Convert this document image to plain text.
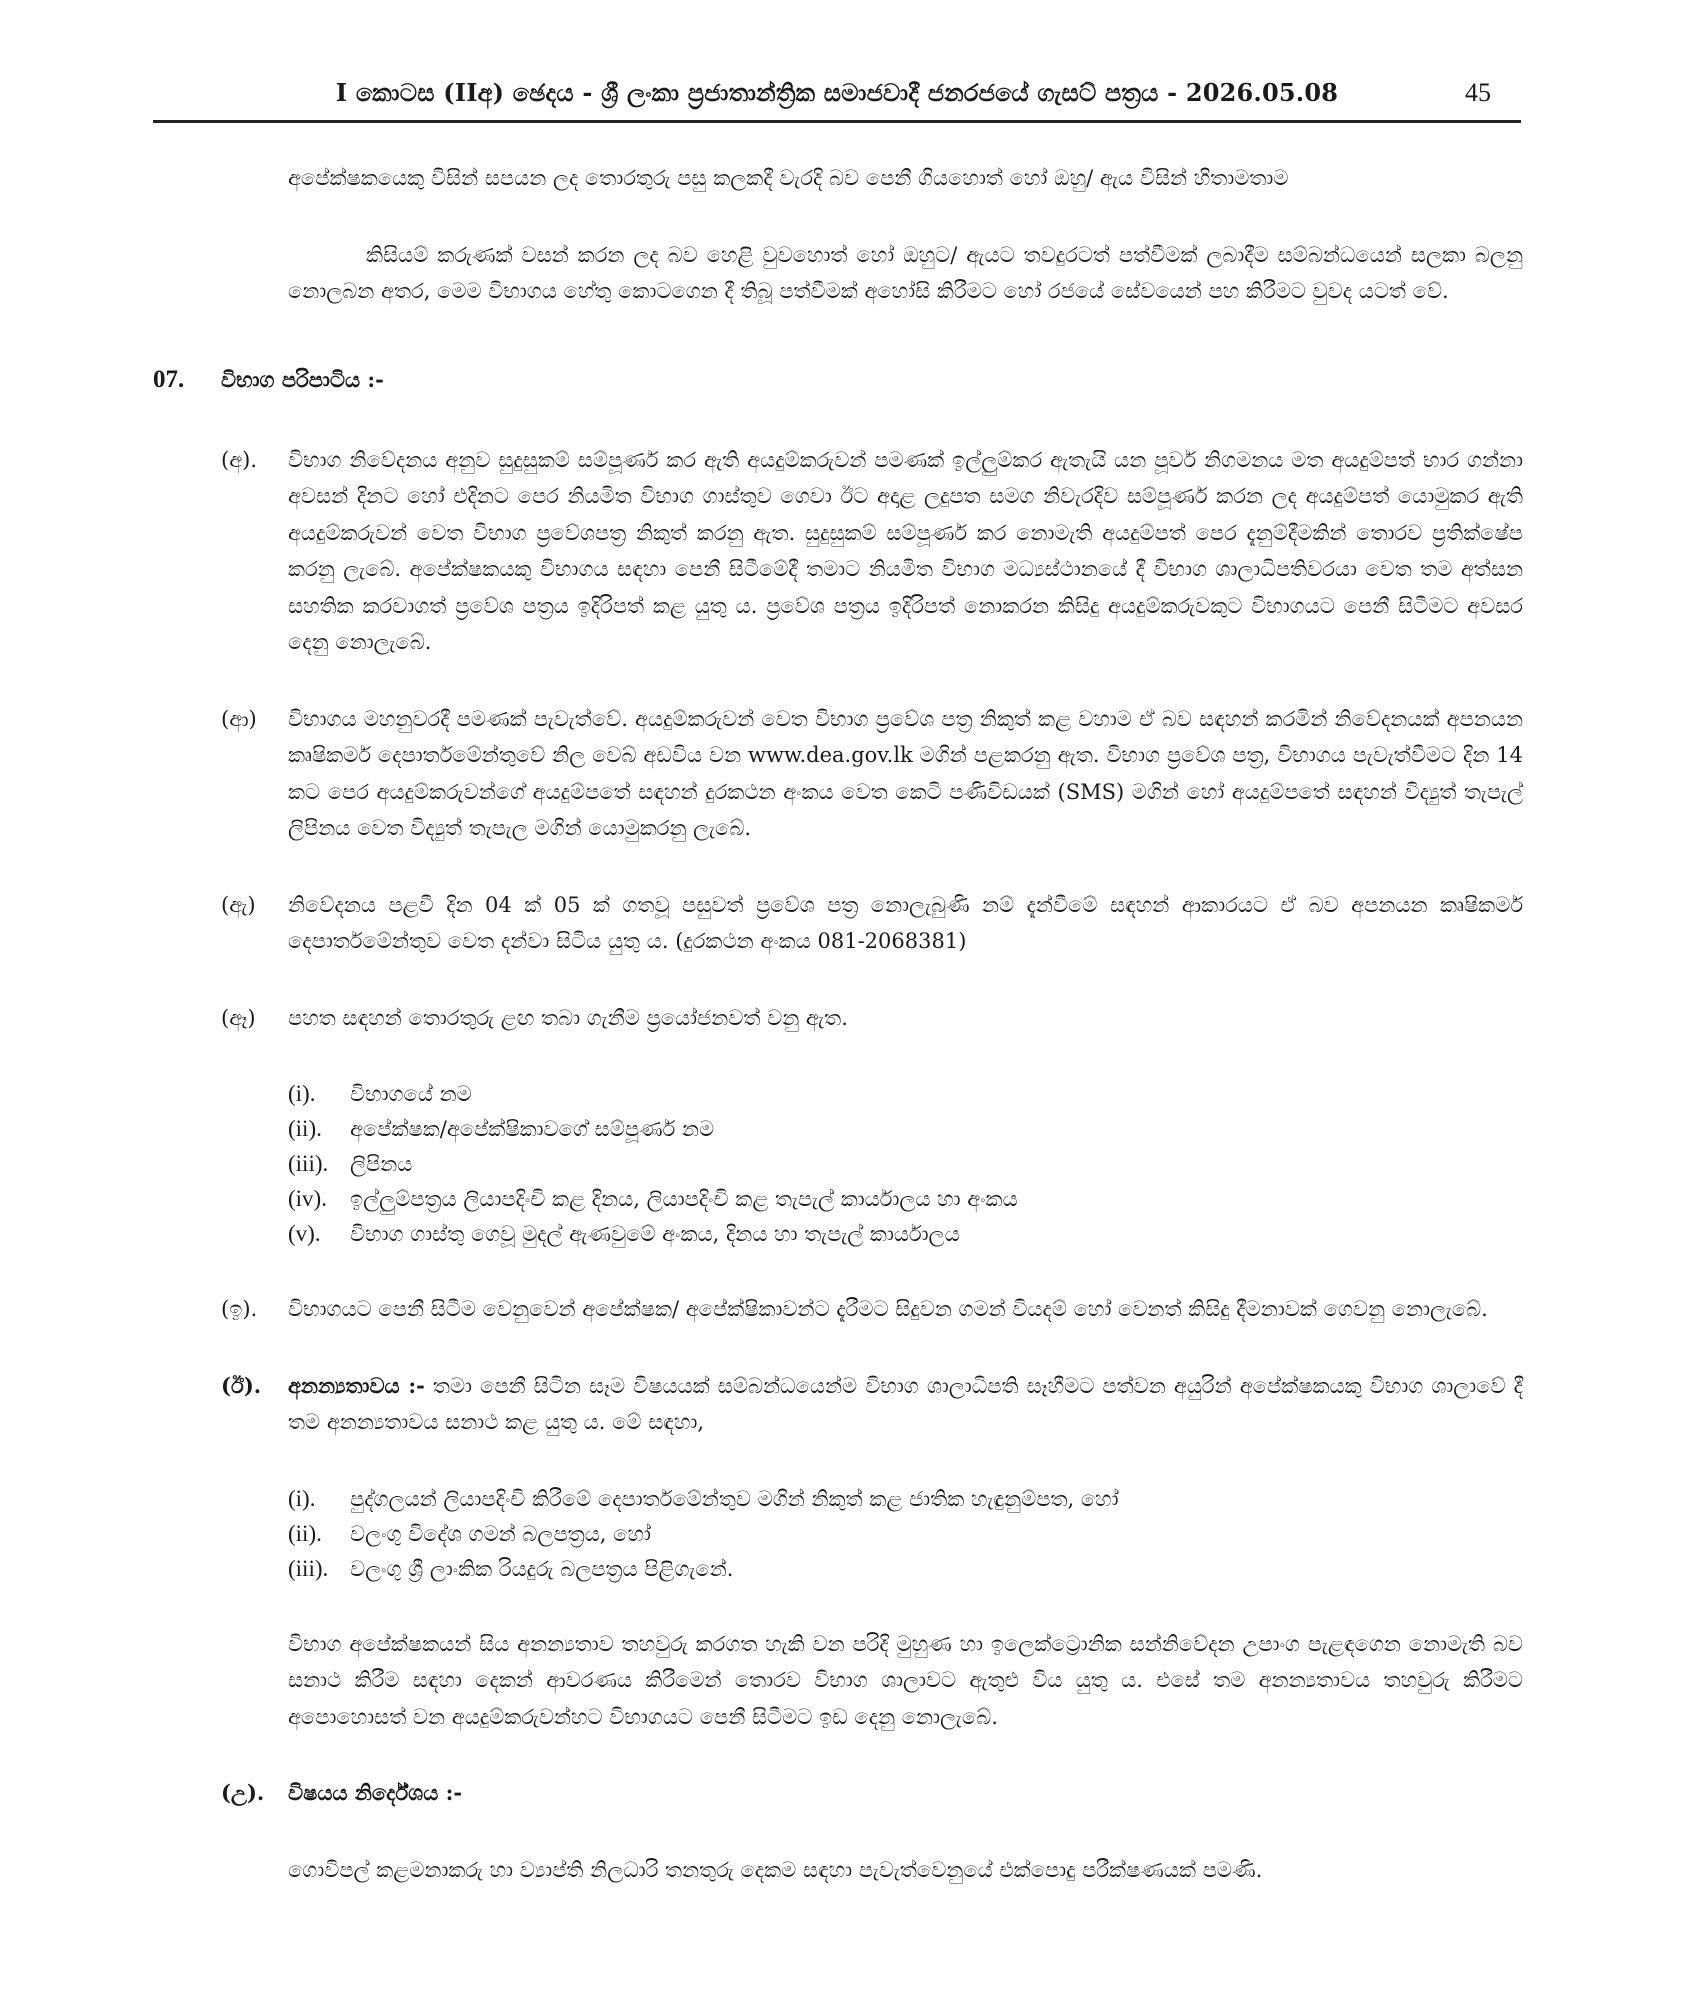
I කොටස (IIඅ) ඡෙදය - ශ්‍රී ලංකා ප්‍රජාතාන්ත්‍රික සමාජවාදී ජනරජයේ ගැසට් පත්‍රය - 2026.05.08	45

අපේක්ෂකයෙකු විසින් සපයන ලද තොරතුරු පසු කලකදී වැරදි බව පෙනී ගියහොත් හෝ ඔහු/ ඇය විසින් හිතාමතාම

කිසියම් කරුණක් වසන් කරන ලද බව හෙළි වුවහොත් හෝ ඔහුට/ ඇයට තවදුරටත් පත්වීමක් ලබාදීම සම්බන්ධයෙන් සලකා බලනු නොලබන අතර, මෙම විභාගය හේතු කොටගෙන දී තිබූ පත්වීමක් අහෝසි කිරීමට හෝ රජයේ සේවයෙන් පහ කිරීමට වුවද යටත් වේ.

07. විභාග පරිපාටිය :-
(අ). විභාග නිවේදනය අනුව සුදුසුකම් සම්පූර්ණ කර ඇති අයදුම්කරුවන් පමණක් ඉල්ලුම්කර ඇතැයි යන පූර්ව නිගමනය මත අයදුම්පත් භාර ගන්නා අවසන් දිනට හෝ එදිනට පෙර නියමිත විභාග ගාස්තුව ගෙවා ඊට අදාළ ලදුපත සමග නිවැරදිව සම්පූර්ණ කරන ලද අයදුම්පත් යොමුකර ඇති අයදුම්කරුවන් වෙත විභාග ප්‍රවේශපත්‍ර නිකුත් කරනු ඇත. සුදුසුකම් සම්පූර්ණ කර නොමැති අයදුම්පත් පෙර දැනුම්දීමකින් තොරව ප්‍රතික්ෂේප කරනු ලැබේ. අපේක්ෂකයකු විභාගය සඳහා පෙනී සිටීමේදී තමාට නියමිත විභාග මධ්‍යස්ථානයේ දී විභාග ශාලාධිපතිවරයා වෙත තම අත්සන සහතික කරවාගත් ප්‍රවේශ පත්‍රය ඉදිරිපත් කළ යුතු ය. ප්‍රවේශ පත්‍රය ඉදිරිපත් නොකරන කිසිදු අයදුම්කරුවකුට විභාගයට පෙනී සිටීමට අවසර දෙනු නොලැබේ.
(ආ) විභාගය මහනුවරදී පමණක් පැවැත්වේ. අයදුම්කරුවන් වෙත විභාග ප්‍රවේශ පත්‍ර නිකුත් කළ වහාම ඒ බව සඳහන් කරමින් නිවේදනයක් අපනයන කෘෂිකර්ම දෙපාර්තමේන්තුවේ නිල වෙබ් අඩවිය වන www.dea.gov.lk මගින් පළකරනු ඇත. විභාග ප්‍රවේශ පත්‍ර, විභාගය පැවැත්වීමට දින 14 කට පෙර අයදුම්කරුවන්ගේ අයදුම්පතේ සඳහන් දුරකථන අංකය වෙත කෙටි පණිවිඩයක් (SMS) මගින් හෝ අයදුම්පතේ සඳහන් විද්‍යුත් තැපැල් ලිපිනය වෙත විද්‍යුත් තැපැල මගින් යොමුකරනු ලැබේ.
(ඇ) නිවේදනය පළවී දින 04 ක් 05 ක් ගතවූ පසුවත් ප්‍රවේශ පත්‍ර නොලැබුණි නම් දැන්වීමේ සඳහන් ආකාරයට ඒ බව අපනයන කෘෂිකර්ම දෙපාර්තමේන්තුව වෙත දන්වා සිටිය යුතු ය. (දුරකථන අංකය 081-2068381)
(ඈ) පහත සඳහන් තොරතුරු ළඟ තබා ගැනීම ප්‍රයෝජනවත් වනු ඇත.
(i). විභාගයේ නම
(ii). අපේක්ෂක/අපේක්ෂිකාවගේ සම්පූර්ණ නම
(iii). ලිපිනය
(iv). ඉල්ලුම්පත්‍රය ලියාපදිංචි කළ දිනය, ලියාපදිංචි කළ තැපැල් කාර්යාලය හා අංකය
(v). විභාග ගාස්තු ගෙවූ මුදල් ඇණවුමේ අංකය, දිනය හා තැපැල් කාර්යාලය
(ඉ). විභාගයට පෙනී සිටීම වෙනුවෙන් අපේක්ෂක/ අපේක්ෂිකාවන්ට දැරීමට සිදුවන ගමන් වියදම් හෝ වෙනත් කිසිදු දීමනාවක් ගෙවනු නොලැබේ.
(ඊ). අනන්‍යතාවය :- තමා පෙනී සිටින සෑම විෂයයක් සම්බන්ධයෙන්ම විභාග ශාලාධිපති සෑහීමට පත්වන අයුරින් අපේක්ෂකයකු විභාග ශාලාවේ දී තම අනන්‍යතාවය සනාථ කළ යුතු ය. මේ සඳහා,
(i). පුද්ගලයන් ලියාපදිංචි කිරීමේ දෙපාර්තමේන්තුව මගින් නිකුත් කළ ජාතික හැඳුනුම්පත, හෝ
(ii). වලංගු විදේශ ගමන් බලපත්‍රය, හෝ
(iii). වලංගු ශ්‍රී ලාංකික රියදුරු බලපත්‍රය පිළිගැනේ.

විභාග අපේක්ෂකයන් සිය අනන්‍යතාව තහවුරු කරගත හැකි වන පරිදි මුහුණ හා ඉලෙක්ට්‍රොනික සන්නිවේදන උපාංග පැළඳගෙන නොමැති බව සනාථ කිරීම සඳහා දෙකන් ආවරණය කිරීමෙන් තොරව විභාග ශාලාවට ඇතුළු විය යුතු ය. එසේ තම අනන්‍යතාවය තහවුරු කිරීමට අපොහොසත් වන අයදුම්කරුවන්හට විභාගයට පෙනී සිටීමට ඉඩ දෙනු නොලැබේ.

(උ). විෂයය නිර්දේශය :-

ගොවිපල් කළමනාකරු හා ව්‍යාප්ති නිලධාරි තනතුරු දෙකම සඳහා පැවැත්වෙනුයේ එක්පොදු පරීක්ෂණයක් පමණි.
